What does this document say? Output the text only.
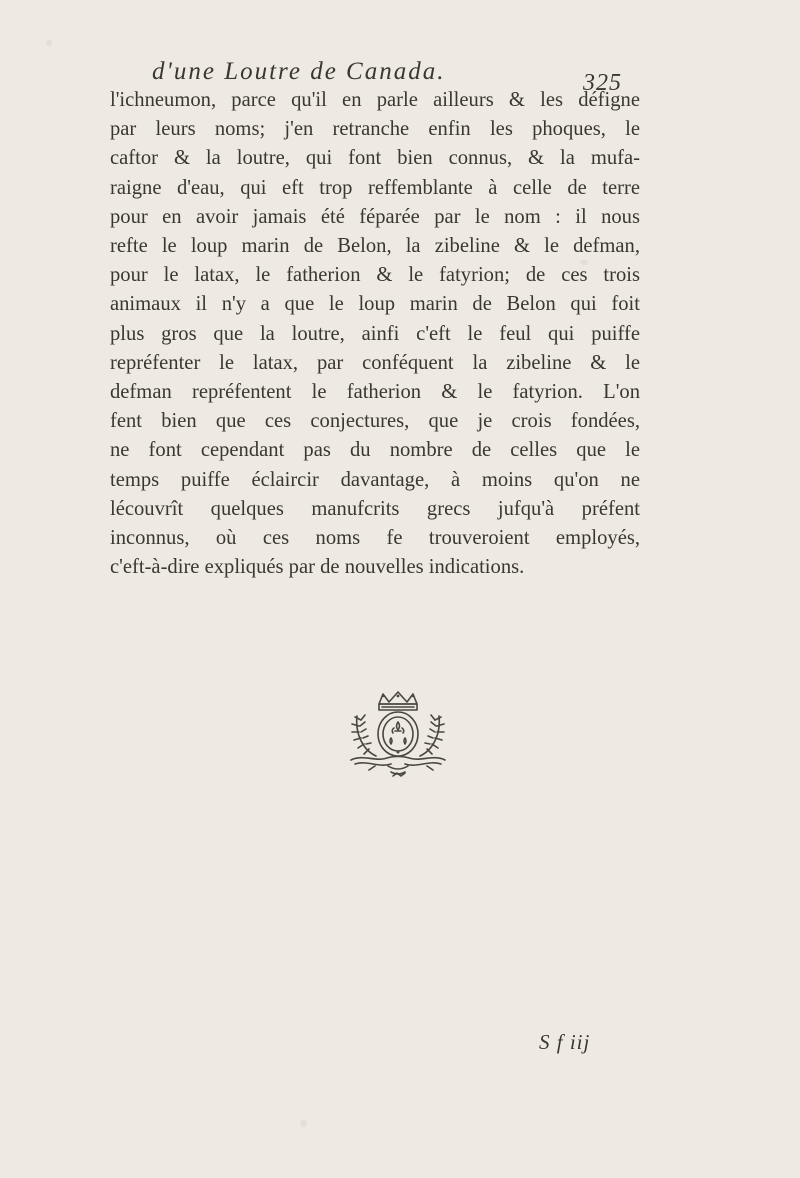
d'une Loutre de Canada.	325
l'ichneumon, parce qu'il en parle ailleurs & les défigne
par leurs noms; j'en retranche enfin les phoques, le
caftor & la loutre, qui font bien connus, & la mufa-
raigne d'eau, qui eft trop reffemblante à celle de terre
pour en avoir jamais été féparée par le nom : il nous
refte le loup marin de Belon, la zibeline & le defman,
pour le latax, le fatherion & le fatyrion; de ces trois
animaux il n'y a que le loup marin de Belon qui foit
plus gros que la loutre, ainfi c'eft le feul qui puiffe
repréfenter le latax, par conféquent la zibeline & le
defman repréfentent le fatherion & le fatyrion. L'on
fent bien que ces conjectures, que je crois fondées,
ne font cependant pas du nombre de celles que le
temps puiffe éclaircir davantage, à moins qu'on ne
lécouvrît quelques manufcrits grecs jufqu'à préfent
inconnus, où ces noms fe trouveroient employés,
c'eft-à-dire expliqués par de nouvelles indications.
S f iij
